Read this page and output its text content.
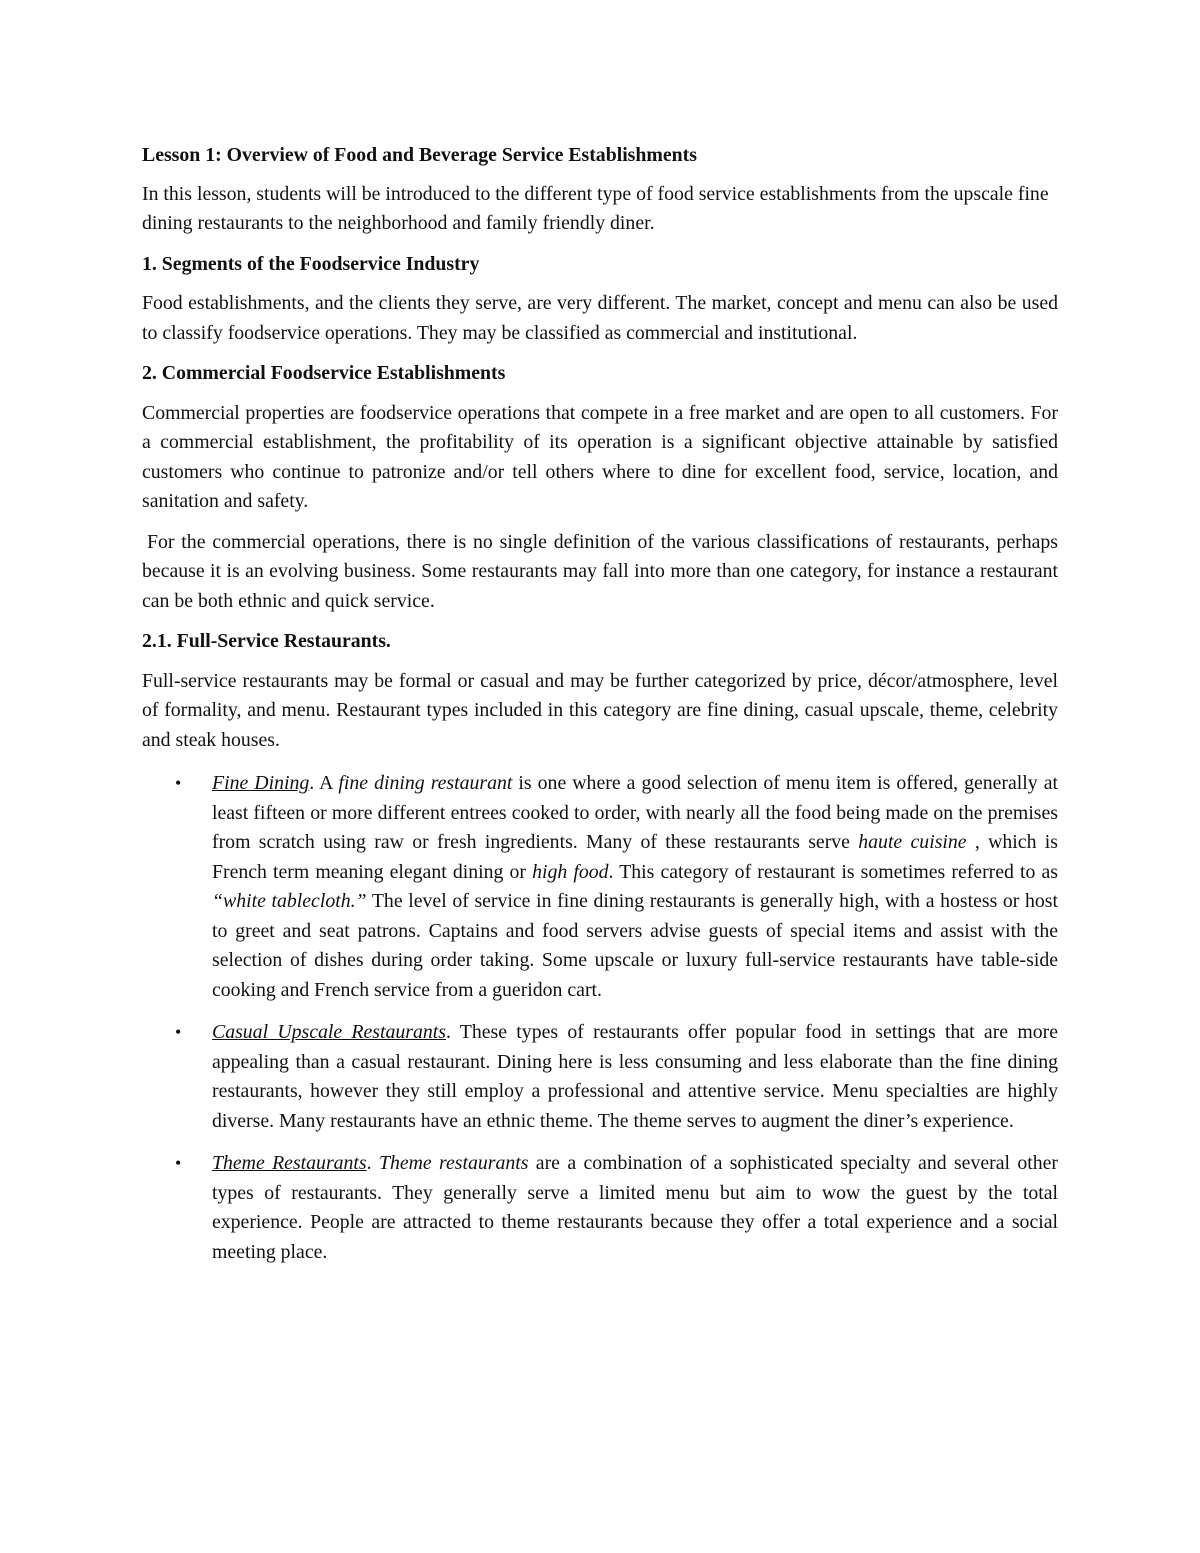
Lesson 1: Overview of Food and Beverage Service Establishments

In this lesson, students will be introduced to the different type of food service establishments from the upscale fine dining restaurants to the neighborhood and family friendly diner.

1. Segments of the Foodservice Industry

Food establishments, and the clients they serve, are very different. The market, concept and menu can also be used to classify foodservice operations. They may be classified as commercial and institutional.

2. Commercial Foodservice Establishments

Commercial properties are foodservice operations that compete in a free market and are open to all customers. For a commercial establishment, the profitability of its operation is a significant objective attainable by satisfied customers who continue to patronize and/or tell others where to dine for excellent food, service, location, and sanitation and safety.

For the commercial operations, there is no single definition of the various classifications of restaurants, perhaps because it is an evolving business. Some restaurants may fall into more than one category, for instance a restaurant can be both ethnic and quick service.

2.1. Full-Service Restaurants.

Full-service restaurants may be formal or casual and may be further categorized by price, décor/atmosphere, level of formality, and menu. Restaurant types included in this category are fine dining, casual upscale, theme, celebrity and steak houses.

• Fine Dining. A fine dining restaurant is one where a good selection of menu item is offered, generally at least fifteen or more different entrees cooked to order, with nearly all the food being made on the premises from scratch using raw or fresh ingredients. Many of these restaurants serve haute cuisine , which is French term meaning elegant dining or high food. This category of restaurant is sometimes referred to as “white tablecloth.” The level of service in fine dining restaurants is generally high, with a hostess or host to greet and seat patrons. Captains and food servers advise guests of special items and assist with the selection of dishes during order taking. Some upscale or luxury full-service restaurants have table-side cooking and French service from a gueridon cart.
• Casual Upscale Restaurants. These types of restaurants offer popular food in settings that are more appealing than a casual restaurant. Dining here is less consuming and less elaborate than the fine dining restaurants, however they still employ a professional and attentive service. Menu specialties are highly diverse. Many restaurants have an ethnic theme. The theme serves to augment the diner’s experience.
• Theme Restaurants. Theme restaurants are a combination of a sophisticated specialty and several other types of restaurants. They generally serve a limited menu but aim to wow the guest by the total experience. People are attracted to theme restaurants because they offer a total experience and a social meeting place.
